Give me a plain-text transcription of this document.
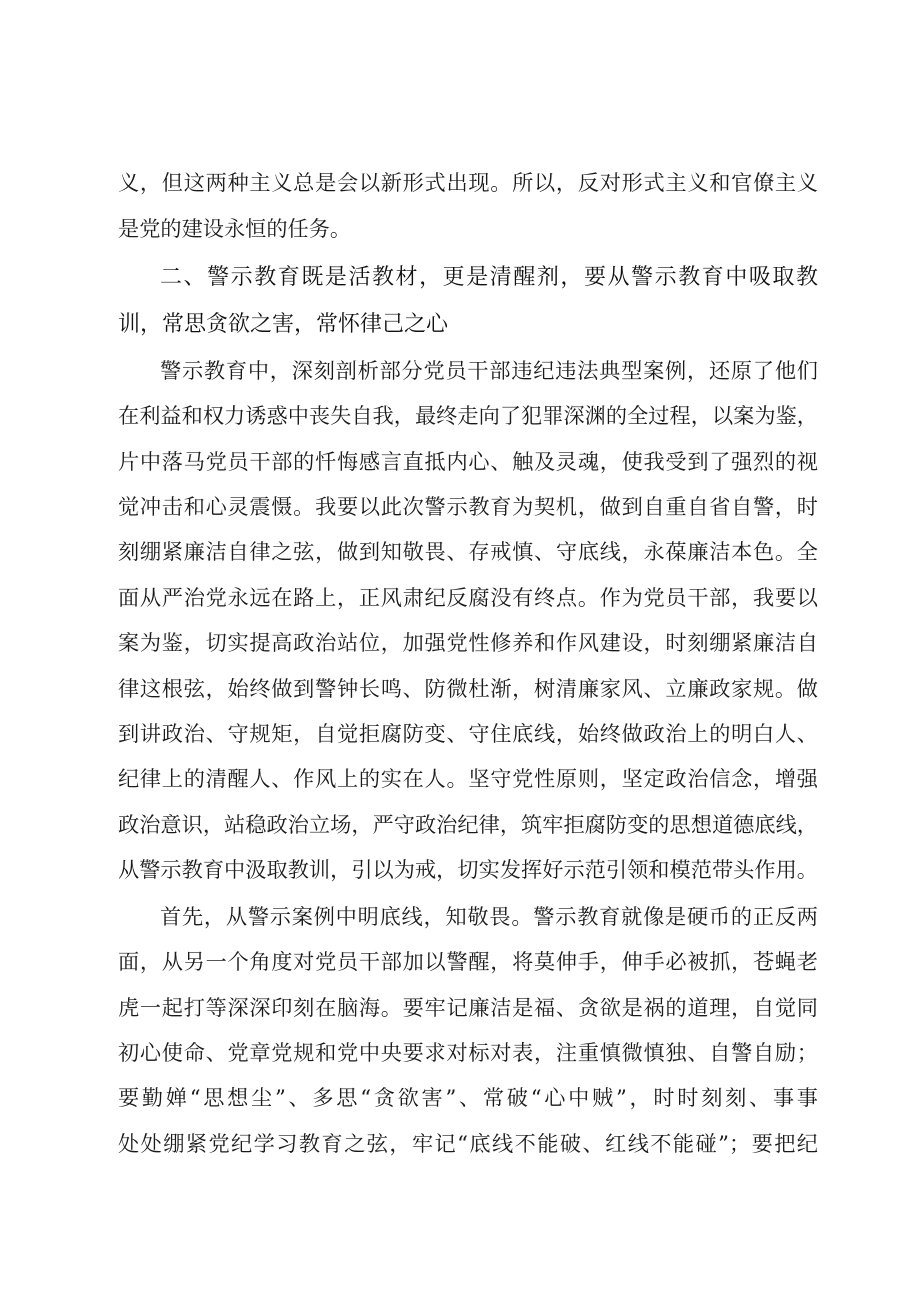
义，但这两种主义总是会以新形式出现。所以，反对形式主义和官僚主义

是党的建设永恒的任务。

二、警示教育既是活教材，更是清醒剂，要从警示教育中吸取教

训，常思贪欲之害，常怀律己之心

警示教育中，深刻剖析部分党员干部违纪违法典型案例，还原了他们

在利益和权力诱惑中丧失自我，最终走向了犯罪深渊的全过程，以案为鉴，

片中落马党员干部的忏悔感言直抵内心、触及灵魂，使我受到了强烈的视

觉冲击和心灵震慑。我要以此次警示教育为契机，做到自重自省自警，时

刻绷紧廉洁自律之弦，做到知敬畏、存戒慎、守底线，永葆廉洁本色。全

面从严治党永远在路上，正风肃纪反腐没有终点。作为党员干部，我要以

案为鉴，切实提高政治站位，加强党性修养和作风建设，时刻绷紧廉洁自

律这根弦，始终做到警钟长鸣、防微杜渐，树清廉家风、立廉政家规。做

到讲政治、守规矩，自觉拒腐防变、守住底线，始终做政治上的明白人、

纪律上的清醒人、作风上的实在人。坚守党性原则，坚定政治信念，增强

政治意识，站稳政治立场，严守政治纪律，筑牢拒腐防变的思想道德底线，

从警示教育中汲取教训，引以为戒，切实发挥好示范引领和模范带头作用。

首先，从警示案例中明底线，知敬畏。警示教育就像是硬币的正反两

面，从另一个角度对党员干部加以警醒，将莫伸手，伸手必被抓，苍蝇老

虎一起打等深深印刻在脑海。要牢记廉洁是福、贪欲是祸的道理，自觉同

初心使命、党章党规和党中央要求对标对表，注重慎微慎独、自警自励；

要勤婵“思想尘”、多思“贪欲害”、常破“心中贼”，时时刻刻、事事

处处绷紧党纪学习教育之弦，牢记“底线不能破、红线不能碰”；要把纪
